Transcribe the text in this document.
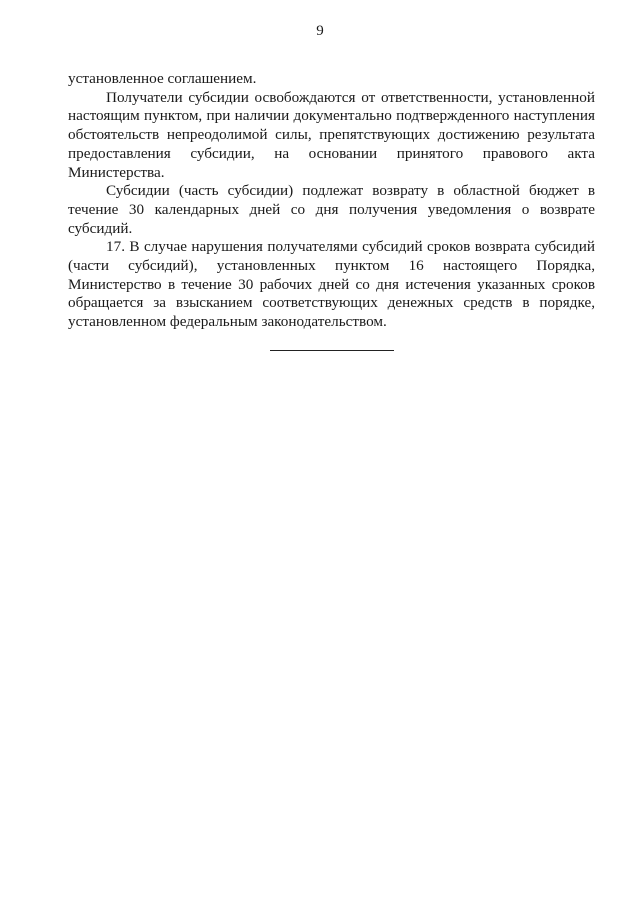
9

установленное соглашением.

Получатели субсидии освобождаются от ответственности, установленной настоящим пунктом, при наличии документально подтвержденного наступления обстоятельств непреодолимой силы, препятствующих достижению результата предоставления субсидии, на основании принятого правового акта Министерства.

Субсидии (часть субсидии) подлежат возврату в областной бюджет в течение 30 календарных дней со дня получения уведомления о возврате субсидий.

17. В случае нарушения получателями субсидий сроков возврата субсидий (части субсидий), установленных пунктом 16 настоящего Порядка, Министерство в течение 30 рабочих дней со дня истечения указанных сроков обращается за взысканием соответствующих денежных средств в порядке, установленном федеральным законодательством.
